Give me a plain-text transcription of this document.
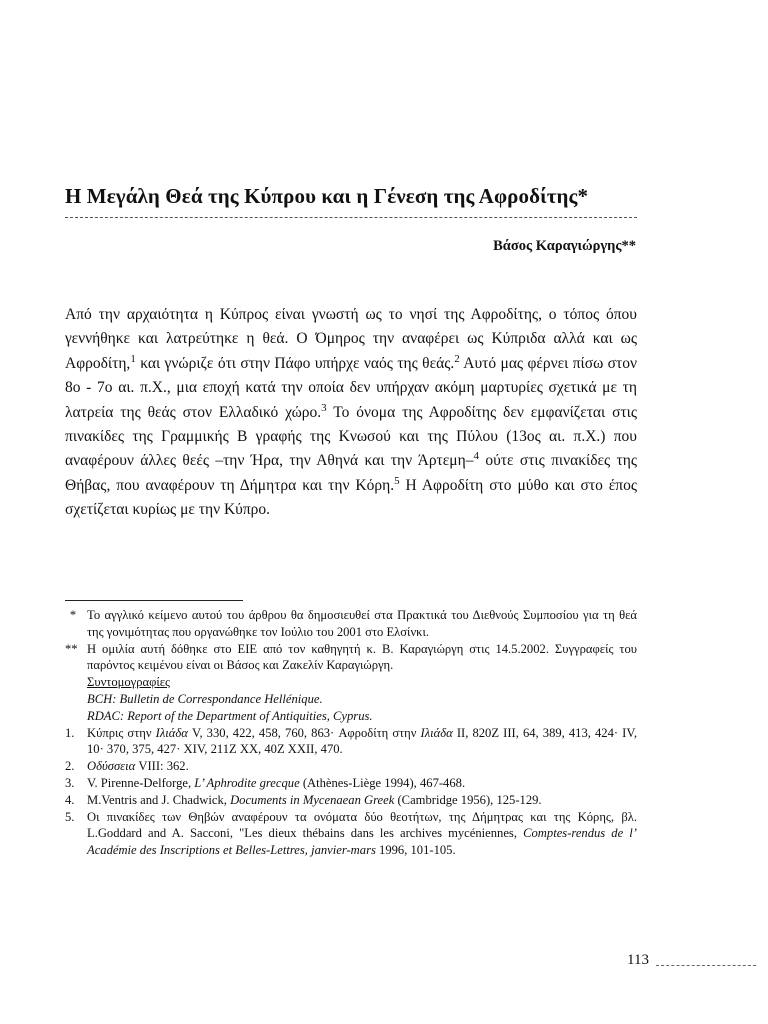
Η Μεγάλη Θεά της Κύπρου και η Γένεση της Αφροδίτης*
Βάσος Καραγιώργης**

Από την αρχαιότητα η Κύπρος είναι γνωστή ως το νησί της Αφροδίτης, ο τόπος όπου γεννήθηκε και λατρεύτηκε η θεά. Ο Όμηρος την αναφέρει ως Κύπριδα αλλά και ως Αφροδίτη,$^1$ και γνώριζε ότι στην Πάφο υπήρχε ναός της θεάς.$^2$ Αυτό μας φέρνει πίσω στον 8ο - 7ο αι. π.Χ., μια εποχή κατά την οποία δεν υπήρχαν ακόμη μαρτυρίες σχετικά με τη λατρεία της θεάς στον Ελλαδικό χώρο.$^3$ Το όνομα της Αφροδίτης δεν εμφανίζεται στις πινακίδες της Γραμμικής Β γραφής της Κνωσού και της Πύλου (13ος αι. π.Χ.) που αναφέρουν άλλες θεές –την Ήρα, την Αθηνά και την Άρτεμη–$^4$ ούτε στις πινακίδες της Θήβας, που αναφέρουν τη Δήμητρα και την Κόρη.$^5$ Η Αφροδίτη στο μύθο και στο έπος σχετίζεται κυρίως με την Κύπρο.

* Το αγγλικό κείμενο αυτού του άρθρου θα δημοσιευθεί στα Πρακτικά του Διεθνούς Συμποσίου για τη θεά της γονιμότητας που οργανώθηκε τον Ιούλιο του 2001 στο Ελσίνκι.
** Η ομιλία αυτή δόθηκε στο ΕΙΕ από τον καθηγητή κ. Β. Καραγιώργη στις 14.5.2002. Συγγραφείς του παρόντος κειμένου είναι οι Βάσος και Ζακελίν Καραγιώργη.
Συντομογραφίες
BCH: Bulletin de Correspondance Hellénique.
RDAC: Report of the Department of Antiquities, Cyprus.
1. Κύπρις στην Ιλιάδα V, 330, 422, 458, 760, 863· Αφροδίτη στην Ιλιάδα ΙΙ, 820Z ΙΙΙ, 64, 389, 413, 424· IV, 10· 370, 375, 427· XIV, 211Z XX, 40Z XXII, 470.
2. Οδύσσεια VIII: 362.
3. V. Pirenne-Delforge, L’ Aphrodite grecque (Athènes-Liège 1994), 467-468.
4. M.Ventris and J. Chadwick, Documents in Mycenaean Greek (Cambridge 1956), 125-129.
5. Οι πινακίδες των Θηβών αναφέρουν τα ονόματα δύο θεοτήτων, της Δήμητρας και της Κόρης, βλ. L.Goddard and A. Sacconi, "Les dieux thébains dans les archives mycéniennes, Comptes-rendus de l’ Académie des Inscriptions et Belles-Lettres, janvier-mars 1996, 101-105.
113
